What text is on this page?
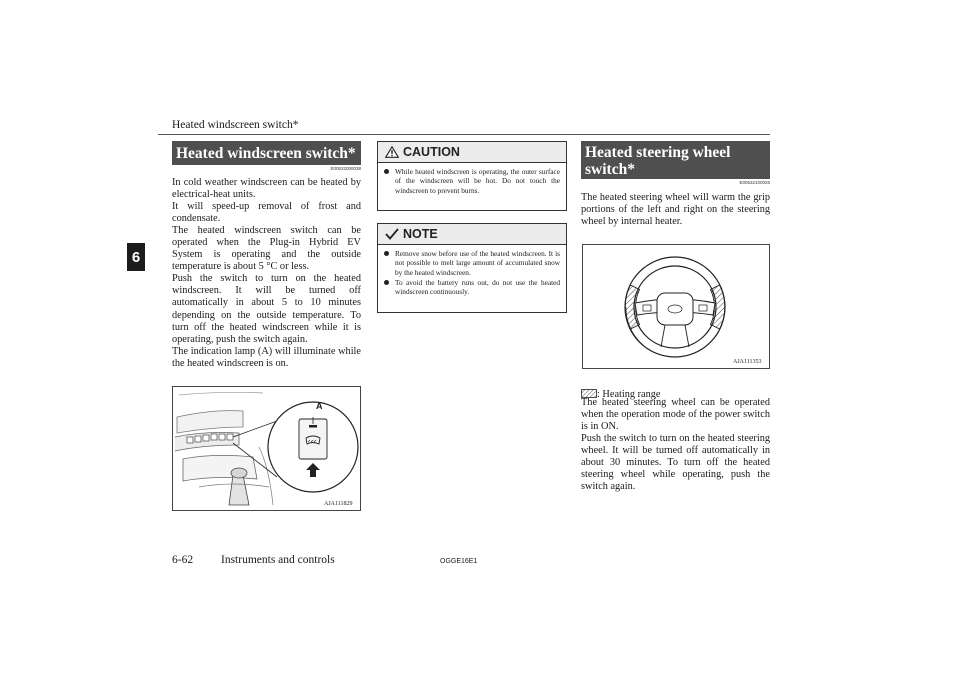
Heated windscreen switch*
6
Heated windscreen switch*
E00532000038

In cold weather windscreen can be heated by electrical-heat units.

It will speed-up removal of frost and condensate.

The heated windscreen switch can be operated when the Plug-in Hybrid EV System is operating and the outside temperature is about 5 °C or less.

Push the switch to turn on the heated windscreen. It will be turned off automatically in about 5 to 10 minutes depending on the outside temperature. To turn off the heated windscreen while it is operating, push the switch again.

The indication lamp (A) will illuminate while the heated windscreen is on.

A
AJA111829
CAUTION
While heated windscreen is operating, the outer surface of the windscreen will be hot. Do not touch the windscreen to prevent burns.
NOTE
Remove snow before use of the heated windscreen. It is not possible to melt large amount of accumulated snow by the heated windscreen.
To avoid the battery runs out, do not use the heated windscreen continuously.
Heated steering wheel
switch*
E00532100026

The heated steering wheel will warm the grip portions of the left and right on the steering wheel by internal heater.

AJA111353
: Heating range

The heated steering wheel can be operated when the operation mode of the power switch is in ON.

Push the switch to turn on the heated steering wheel. It will be turned off automatically in about 30 minutes. To turn off the heated steering wheel while operating, push the switch again.

6-62 Instruments and controls	OGGE16E1
